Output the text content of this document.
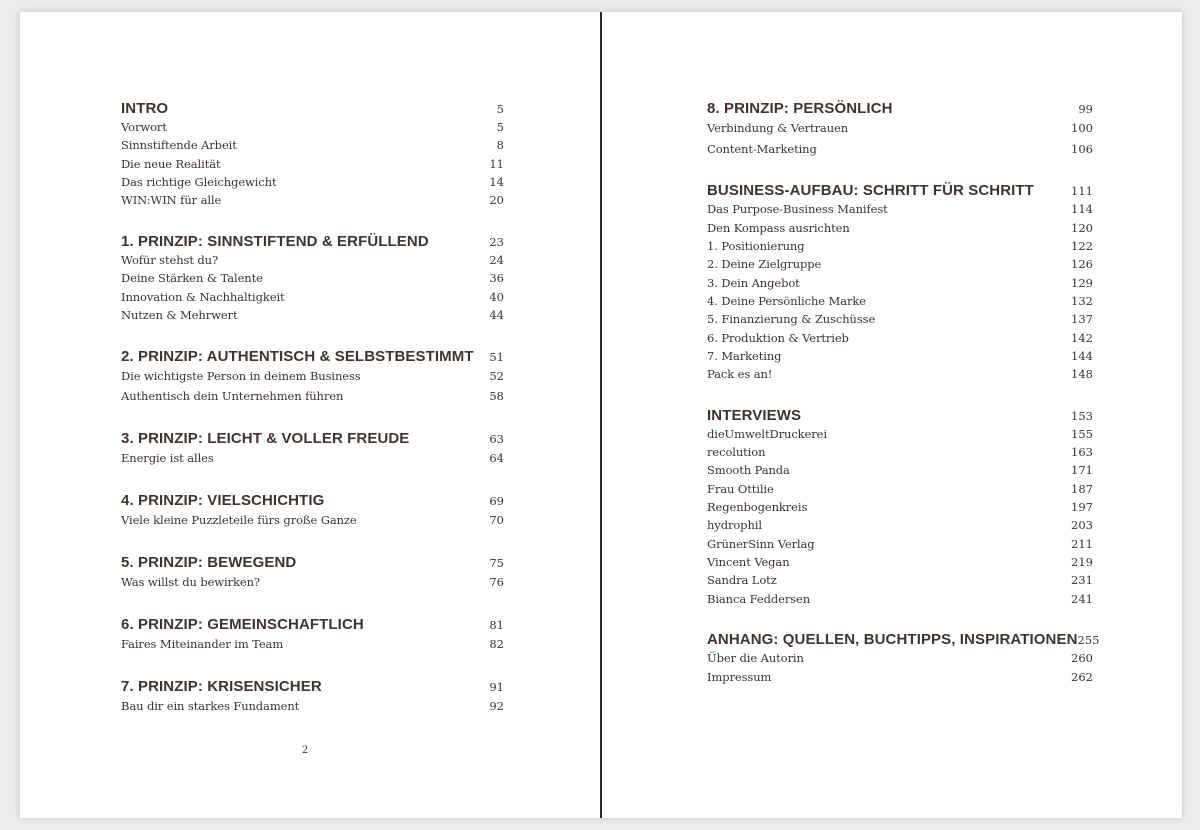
INTRO	5
Vorwort	5
Sinnstiftende Arbeit	8
Die neue Realität	11
Das richtige Gleichgewicht	14
WIN:WIN für alle	20
1. PRINZIP: SINNSTIFTEND & ERFÜLLEND	23
Wofür stehst du?	24
Deine Stärken & Talente	36
Innovation & Nachhaltigkeit	40
Nutzen & Mehrwert	44
2. PRINZIP: AUTHENTISCH & SELBSTBESTIMMT 51
Die wichtigste Person in deinem Business	52
Authentisch dein Unternehmen führen	58
3. PRINZIP: LEICHT & VOLLER FREUDE	63
Energie ist alles	64
4. PRINZIP: VIELSCHICHTIG	69
Viele kleine Puzzleteile fürs große Ganze	70
5. PRINZIP: BEWEGEND	75
Was willst du bewirken?	76
6. PRINZIP: GEMEINSCHAFTLICH	81
Faires Miteinander im Team	82
7. PRINZIP: KRISENSICHER	91
Bau dir ein starkes Fundament	92
2
8. PRINZIP: PERSÖNLICH	99
Verbindung & Vertrauen	100
Content-Marketing	106
BUSINESS-AUFBAU: SCHRITT FÜR SCHRITT	111
Das Purpose-Business Manifest	114
Den Kompass ausrichten	120
1. Positionierung	122
2. Deine Zielgruppe	126
3. Dein Angebot	129
4. Deine Persönliche Marke	132
5. Finanzierung & Zuschüsse	137
6. Produktion & Vertrieb	142
7. Marketing	144
Pack es an!	148
INTERVIEWS	153
dieUmweltDruckerei	155
recolution	163
Smooth Panda	171
Frau Ottilie	187
Regenbogenkreis	197
hydrophil	203
GrünerSinn Verlag	211
Vincent Vegan	219
Sandra Lotz	231
Bianca Feddersen	241
ANHANG: QUELLEN, BUCHTIPPS, INSPIRATIONEN 255
Über die Autorin	260
Impressum	262
